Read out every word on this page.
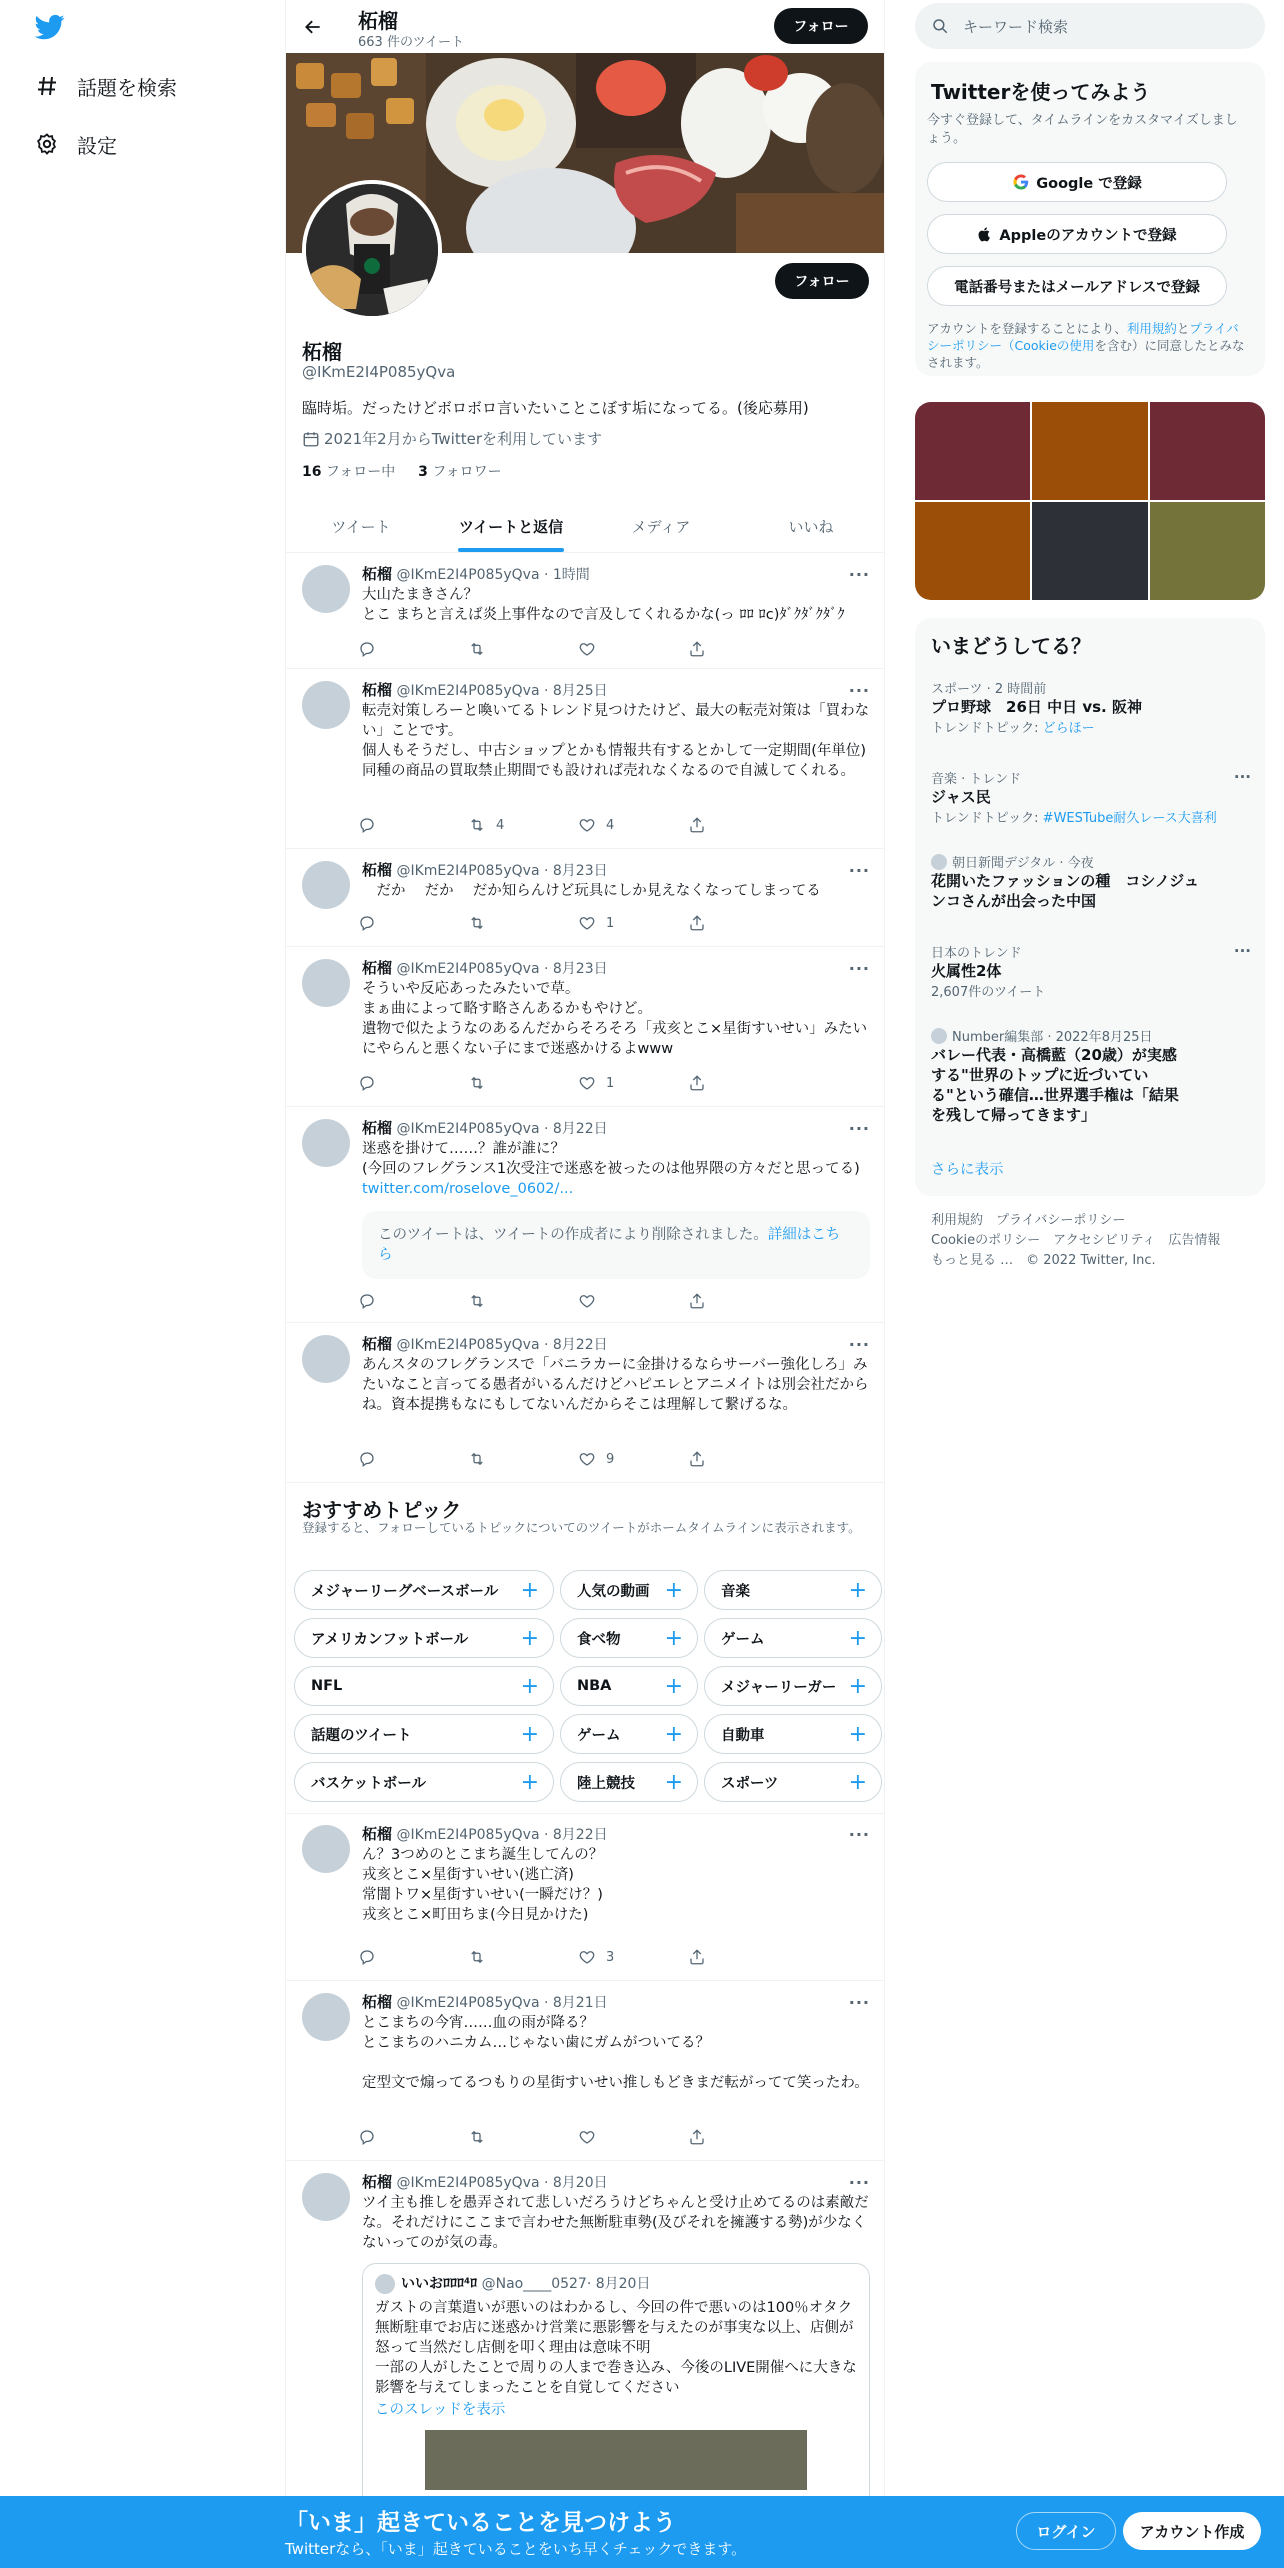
話題を検索
設定
柘榴
663 件のツイート
フォロー
フォロー
柘榴
@IKmE2I4P085yQva
臨時垢。だったけどボロボロ言いたいことこぼす垢になってる。(後応募用)
2021年2月からTwitterを利用しています
16 フォロー中 3 フォロワー
ツイート	ツイートと返信	メディア	いいね
柘榴 @IKmE2I4P085yQva · 1時間	···
大山たまきさん？
とこ まちと言えば炎上事件なので言及してくれるかな(っ ﾛﾛ ﾛc)ﾀﾞｸﾀﾞｸﾀﾞｸ
柘榴 @IKmE2I4P085yQva · 8月25日	···
転売対策しろーと喚いてるトレンド見つけたけど、最大の転売対策は「買わない」ことです。
個人もそうだし、中古ショップとかも情報共有するとかして一定期間(年単位)同種の商品の買取禁止期間でも設ければ売れなくなるので自滅してくれる。
4	4
柘榴 @IKmE2I4P085yQva · 8月23日	···
　だか　 だか　 だか知らんけど玩具にしか見えなくなってしまってる
1
柘榴 @IKmE2I4P085yQva · 8月23日	···
そういや反応あったみたいで草。
まぁ曲によって略す略さんあるかもやけど。
遺物で似たようなのあるんだからそろそろ「戎亥とこ×星街すいせい」みたいにやらんと悪くない子にまで迷惑かけるよwww
1
柘榴 @IKmE2I4P085yQva · 8月22日	···
迷惑を掛けて……？誰が誰に？
(今回のフレグランス1次受注で迷惑を被ったのは他界隈の方々だと思ってる) twitter.com/roselove_0602/...
このツイートは、ツイートの作成者により削除されました。詳細はこちら
柘榴 @IKmE2I4P085yQva · 8月22日	···
あんスタのフレグランスで「バニラカーに金掛けるならサーバー強化しろ」みたいなこと言ってる愚者がいるんだけどハピエレとアニメイトは別会社だからね。資本提携もなにもしてないんだからそこは理解して繋げるな。
9
おすすめトピック
登録すると、フォローしているトピックについてのツイートがホームタイムラインに表示されます。
メジャーリーグベースボール +	人気の動画 +	音楽	+
アメリカンフットボール +	食べ物 +	ゲーム	+
NFL	+	NBA +	メジャーリーガー +
話題のツイート	+	ゲーム +	自動車	+
バスケットボール	+	陸上競技 +	スポーツ	+
柘榴 @IKmE2I4P085yQva · 8月22日	···
ん？3つめのとこまち誕生してんの？
戎亥とこ×星街すいせい(逃亡済)
常闇トワ×星街すいせい(一瞬だけ？)
戎亥とこ×町田ちま(今日見かけた)
3
柘榴 @IKmE2I4P085yQva · 8月21日	···
とこまちの今宵……血の雨が降る？
とこまちのハニカム…じゃない歯にガムがついてる？

定型文で煽ってるつもりの星街すいせい推しもどきまだ転がってて笑ったわ。
柘榴 @IKmE2I4P085yQva · 8月20日	···
ツイ主も推しを愚弄されて悲しいだろうけどちゃんと受け止めてるのは素敵だな。それだけにここまで言わせた無断駐車勢(及びそれを擁護する勢)が少なくないってのが気の毒。
いいおﾛﾛﾛ⁴ﾛ
@Nao____0527 · 8月20日
ガストの言葉遣いが悪いのはわかるし、今回の件で悪いのは100％オタク
無断駐車でお店に迷惑かけ営業に悪影響を与えたのが事実な以上、店側が怒って当然だし店側を叩く理由は意味不明
一部の人がしたことで周りの人まで巻き込み、今後のLIVE開催へに大きな影響を与えてしまったことを自覚してください
このスレッドを表示
キーワード検索
Twitterを使ってみよう
今すぐ登録して、タイムラインをカスタマイズしましょう。
Google で登録
Appleのアカウントで登録
電話番号またはメールアドレスで登録
アカウントを登録することにより、利用規約とプライバシーポリシー（Cookieの使用を含む）に同意したとみなされます。
いまどうしてる？
スポーツ · 2 時間前
プロ野球　26日 中日 vs. 阪神
トレンドトピック: どらほー
音楽 · トレンド
ジャス民
トレンドトピック: #WESTube耐久レース大喜利
···
朝日新聞デジタル · 今夜
花開いたファッションの種　コシノジュンコさんが出会った中国
日本のトレンド
火属性2体
2,607件のツイート
···
Number編集部 · 2022年8月25日
バレー代表・高橋藍（20歳）が実感する"世界のトップに近づいている"という確信…世界選手権は「結果を残して帰ってきます」
さらに表示
利用規約　プライバシーポリシー
Cookieのポリシー　アクセシビリティ　広告情報
もっと見る …　© 2022 Twitter, Inc.
「いま」起きていることを見つけよう
Twitterなら、「いま」起きていることをいち早くチェックできます。
ログイン	アカウント作成
